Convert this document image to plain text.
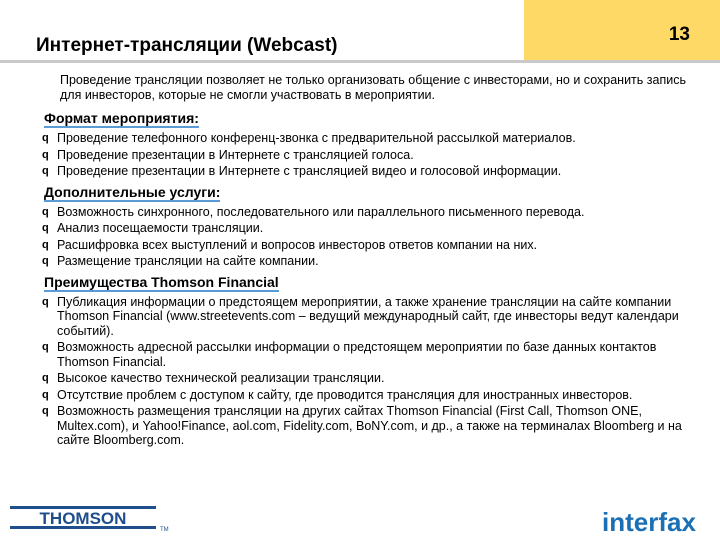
Интернет-трансляции (Webcast)
13

Проведение трансляции позволяет не только организовать общение с инвесторами, но и сохранить запись для инвесторов, которые не смогли участвовать в мероприятии.

Формат мероприятия:
q Проведение телефонного конференц-звонка с предварительной рассылкой материалов.
q Проведение презентации в Интернете с трансляцией голоса.
q Проведение презентации в Интернете с трансляцией видео и голосовой информации.
Дополнительные услуги:
q Возможность синхронного, последовательного или параллельного письменного перевода.
q Анализ посещаемости трансляции.
q Расшифровка всех выступлений и вопросов инвесторов ответов компании на них.
q Размещение трансляции на сайте компании.
Преимущества Thomson Financial
q Публикация информации о предстоящем мероприятии, а также хранение трансляции на сайте компании Thomson Financial (www.streetevents.com – ведущий международный сайт, где инвесторы ведут календари событий).
q Возможность адресной рассылки информации о предстоящем мероприятии по базе данных контактов Thomson Financial.
q Высокое качество технической реализации трансляции.
q Отсутствие проблем с доступом к сайту, где проводится трансляция для иностранных инвесторов.
q Возможность размещения трансляции на других сайтах Thomson Financial (First Call, Thomson ONE, Multex.com), и Yahoo!Finance, aol.com, Fidelity.com, BoNY.com, и др., а также на терминалах Bloomberg и на сайте Bloomberg.com.
THOMSON
TM	interfax
